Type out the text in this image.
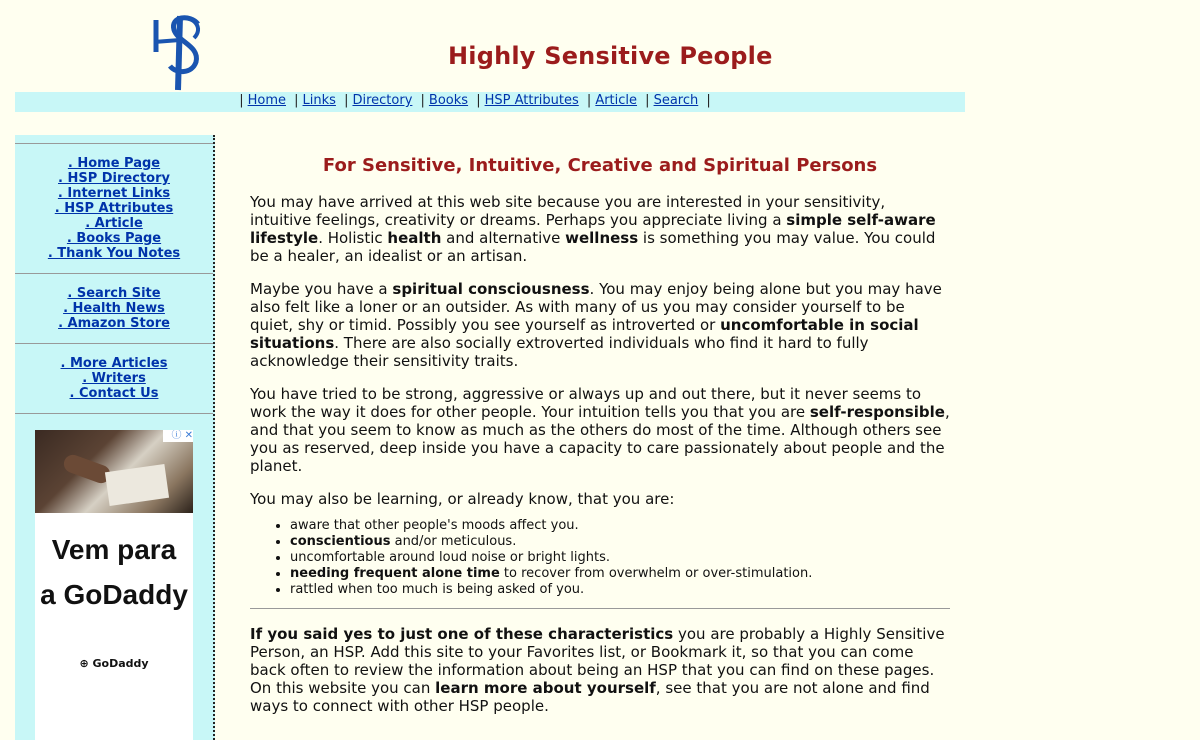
Highly Sensitive People
| Home | Links | Directory | Books | HSP Attributes | Article | Search |
. Home Page
. HSP Directory
. Internet Links
. HSP Attributes
. Article
. Books Page
. Thank You Notes
. Search Site
. Health News
. Amazon Store
. More Articles
. Writers
. Contact Us
ⓘ ✕
Vem para
a GoDaddy
⊕ GoDaddy
For Sensitive, Intuitive, Creative and Spiritual Persons

You may have arrived at this web site because you are interested in your sensitivity, intuitive feelings, creativity or dreams. Perhaps you appreciate living a simple self-aware lifestyle. Holistic health and alternative wellness is something you may value. You could be a healer, an idealist or an artisan.

Maybe you have a spiritual consciousness. You may enjoy being alone but you may have also felt like a loner or an outsider. As with many of us you may consider yourself to be quiet, shy or timid. Possibly you see yourself as introverted or uncomfortable in social situations. There are also socially extroverted individuals who find it hard to fully acknowledge their sensitivity traits.

You have tried to be strong, aggressive or always up and out there, but it never seems to work the way it does for other people. Your intuition tells you that you are self-responsible, and that you seem to know as much as the others do most of the time. Although others see you as reserved, deep inside you have a capacity to care passionately about people and the planet.

You may also be learning, or already know, that you are:

• aware that other people's moods affect you.
• conscientious and/or meticulous.
• uncomfortable around loud noise or bright lights.
• needing frequent alone time to recover from overwhelm or over-stimulation.
• rattled when too much is being asked of you.

If you said yes to just one of these characteristics you are probably a Highly Sensitive Person, an HSP. Add this site to your Favorites list, or Bookmark it, so that you can come back often to review the information about being an HSP that you can find on these pages. On this website you can learn more about yourself, see that you are not alone and find ways to connect with other HSP people.
